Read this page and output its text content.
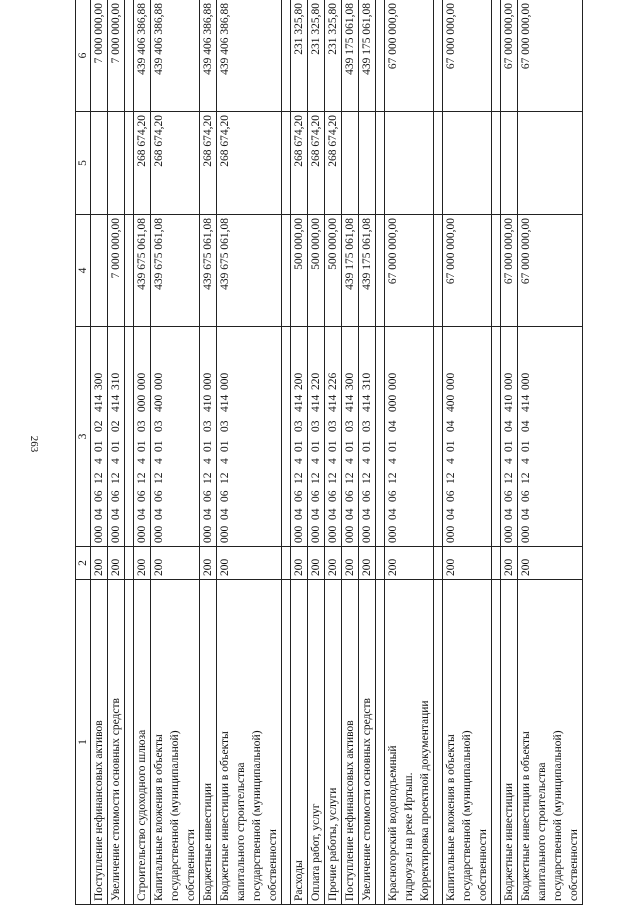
263
1	2	3	4	5	6

Поступление нефинансовых активов	200	00004061240102414300			7 000 000,00

Увеличение стоимости основных средств	200	00004061240102414310	7 000 000,00		7 000 000,00

Строительство судоходного шлюза	200	00004061240103000000	439 675 061,08	268 674,20	439 406 386,88

Капитальные вложения в объекты государственной (муниципальной) собственности	200	00004061240103400000	439 675 061,08	268 674,20	439 406 386,88

Бюджетные инвестиции	200	00004061240103410000	439 675 061,08	268 674,20	439 406 386,88

Бюджетные инвестиции в объекты капитального строительства государственной (муниципальной) собственности	200	00004061240103414000	439 675 061,08	268 674,20	439 406 386,88

Расходы	200	00004061240103414200	500 000,00	268 674,20	231 325,80

Оплата работ, услуг	200	00004061240103414220	500 000,00	268 674,20	231 325,80

Прочие работы, услуги	200	00004061240103414226	500 000,00	268 674,20	231 325,80

Поступление нефинансовых активов	200	00004061240103414300	439 175 061,08		439 175 061,08

Увеличение стоимости основных средств	200	00004061240103414310	439 175 061,08		439 175 061,08

Красногорский водоподъемный гидроузел на реке Иртыш. Корректировка проектной документации	200	00004061240104000000	67 000 000,00		67 000 000,00

Капитальные вложения в объекты государственной (муниципальной) собственности	200	00004061240104400000	67 000 000,00		67 000 000,00

Бюджетные инвестиции	200	00004061240104410000	67 000 000,00		67 000 000,00

Бюджетные инвестиции в объекты капитального строительства государственной (муниципальной) собственности	200	00004061240104414000	67 000 000,00		67 000 000,00
